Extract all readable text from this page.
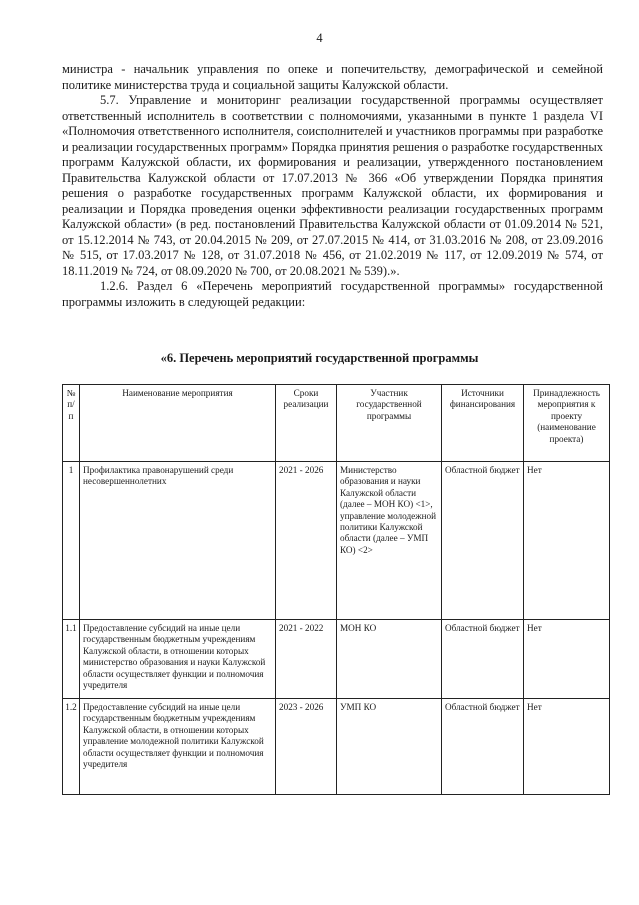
4

министра - начальник управления по опеке и попечительству, демографической и семейной политике министерства труда и социальной защиты Калужской области.

5.7. Управление и мониторинг реализации государственной программы осуществляет ответственный исполнитель в соответствии с полномочиями, указанными в пункте 1 раздела VI «Полномочия ответственного исполнителя, соисполнителей и участников программы при разработке и реализации государственных программ» Порядка принятия решения о разработке государственных программ Калужской области, их формирования и реализации, утвержденного постановлением Правительства Калужской области от 17.07.2013 № 366 «Об утверждении Порядка принятия решения о разработке государственных программ Калужской области, их формирования и реализации и Порядка проведения оценки эффективности реализации государственных программ Калужской области» (в ред. постановлений Правительства Калужской области от 01.09.2014 № 521, от 15.12.2014 № 743, от 20.04.2015 № 209, от 27.07.2015 № 414, от 31.03.2016 № 208, от 23.09.2016 № 515, от 17.03.2017 № 128, от 31.07.2018 № 456, от 21.02.2019 № 117, от 12.09.2019 № 574, от 18.11.2019 № 724, от 08.09.2020 № 700, от 20.08.2021 № 539).».

1.2.6. Раздел 6 «Перечень мероприятий государственной программы» государственной программы изложить в следующей редакции:

«6. Перечень мероприятий государственной программы
№ п/п	Наименование мероприятия	Сроки реализации	Участник государственной программы	Источники финансирования	Принадлежность мероприятия к проекту (наименование проекта)
1	Профилактика правонарушений среди несовершеннолетних	2021 - 2026	Министерство образования и науки Калужской области (далее – МОН КО) <1>, управление молодежной политики Калужской области (далее – УМП КО) <2>	Областной бюджет	Нет
1.1	Предоставление субсидий на иные цели государственным бюджетным учреждениям Калужской области, в отношении которых министерство образования и науки Калужской области осуществляет функции и полномочия учредителя	2021 - 2022	МОН КО	Областной бюджет	Нет
1.2	Предоставление субсидий на иные цели государственным бюджетным учреждениям Калужской области, в отношении которых управление молодежной политики Калужской области осуществляет функции и полномочия учредителя	2023 - 2026	УМП КО	Областной бюджет	Нет
